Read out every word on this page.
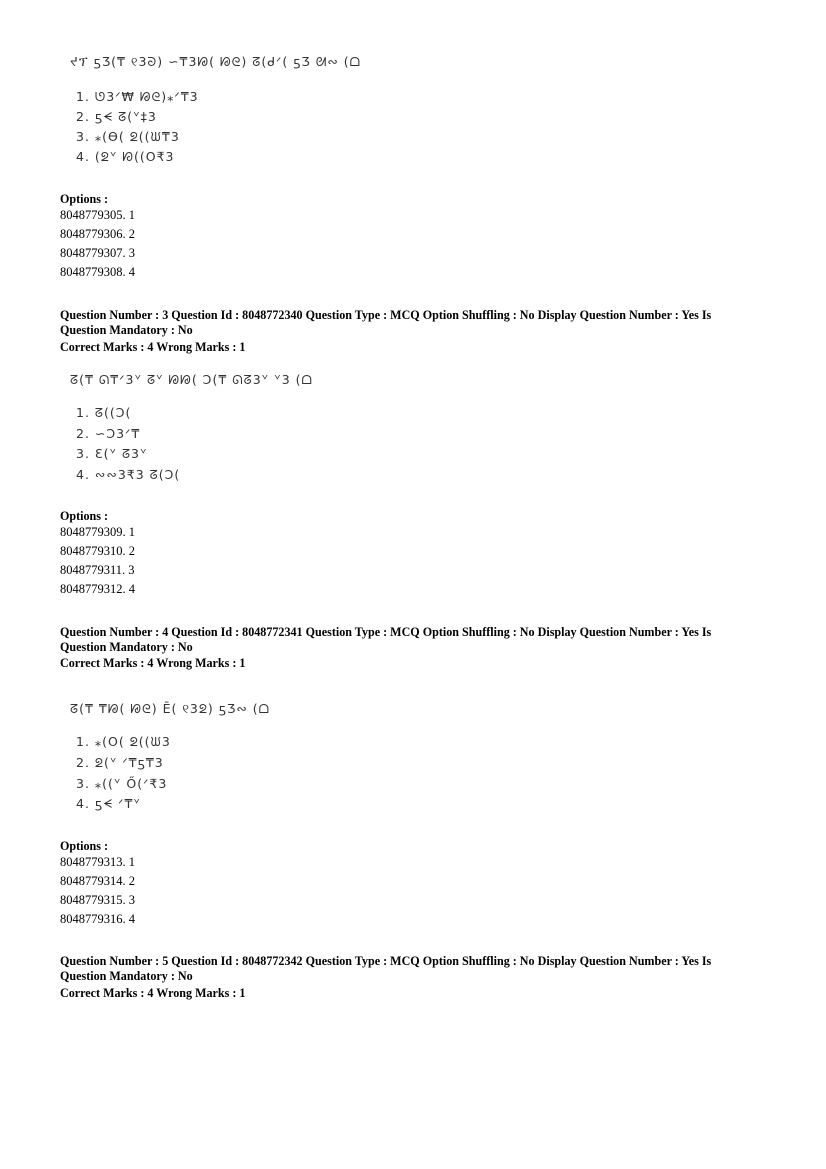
ᔪፕ ƽƷ(₸ ୧3ᘐ) ∽₸3ᘘ( ᘘᘓ) ᘔ(ᑯᐟ( ƽƷ ᘛ∾ (ᗝ
1. ᘎ3ᐟ₩ ᘘᘓ)⁎ᐟ₸3
2. ƽᗕ ᘔ(ᘁ‡3
3. ⁎(Ɵ( ᘖ((ᙎ₸3
4. (ᘖᘁ ᘗ((O₹3
Options :
8048779305. 1
8048779306. 2
8048779307. 3
8048779308. 4
Question Number : 3 Question Id : 8048772340 Question Type : MCQ Option Shuffling : No Display Question Number : Yes Is
Question Mandatory : No
Correct Marks : 4 Wrong Marks : 1
ᘔ(₸ ᘏ₸ᐟ3ᘁ ᘔᘁ ᘘᘘ( Ɔ(₸ ᘏᘔ3ᘁ ᘁ3 (ᗝ
1. ᘔ((Ɔ(
2. ∽Ɔ3ᐟ₸
3. Ɛ(ᘁ ᘔ3ᘁ
4. ∾∾3₹3 ᘔ(Ɔ(
Options :
8048779309. 1
8048779310. 2
8048779311. 3
8048779312. 4
Question Number : 4 Question Id : 8048772341 Question Type : MCQ Option Shuffling : No Display Question Number : Yes Is
Question Mandatory : No
Correct Marks : 4 Wrong Marks : 1
ᘔ(₸ ₸ᘘ( ᘘᘓ) Ē( ୧3ᘖ) ƽƷ∾ (ᗝ
1. ⁎(O( ᘖ((ᙎ3
2. ᘖ(ᘁ ᐟ₸ƽ₸3
3. ⁎((ᘁ Ő(ᐟ₹3
4. ƽᗕ ᐟ₸ᘁ
Options :
8048779313. 1
8048779314. 2
8048779315. 3
8048779316. 4
Question Number : 5 Question Id : 8048772342 Question Type : MCQ Option Shuffling : No Display Question Number : Yes Is
Question Mandatory : No
Correct Marks : 4 Wrong Marks : 1
